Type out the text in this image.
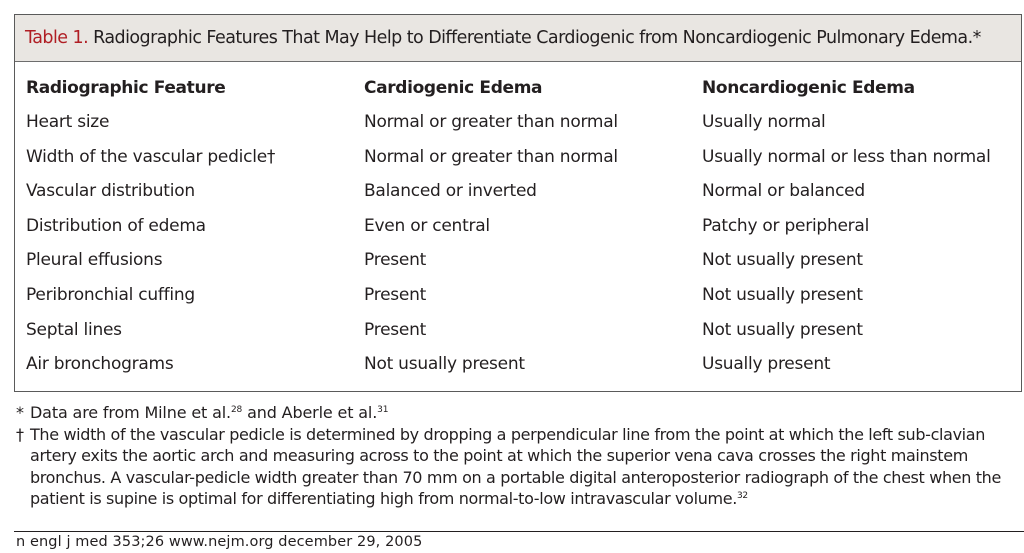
Table 1. Radiographic Features That May Help to Differentiate Cardiogenic from Noncardiogenic Pulmonary Edema.*
Radiographic Feature	Cardiogenic Edema	Noncardiogenic Edema
Heart size	Normal or greater than normal	Usually normal
Width of the vascular pedicle†	Normal or greater than normal	Usually normal or less than normal
Vascular distribution	Balanced or inverted	Normal or balanced
Distribution of edema	Even or central	Patchy or peripheral
Pleural effusions	Present	Not usually present
Peribronchial cuffing	Present	Not usually present
Septal lines	Present	Not usually present
Air bronchograms	Not usually present	Usually present
* Data are from Milne et al.$^{28}$ and Aberle et al.$^{31}$
† The width of the vascular pedicle is determined by dropping a perpendicular line from the point at which the left sub-clavian artery exits the aortic arch and measuring across to the point at which the superior vena cava crosses the right mainstem bronchus. A vascular-pedicle width greater than 70 mm on a portable digital anteroposterior radiograph of the chest when the patient is supine is optimal for differentiating high from normal-to-low intravascular volume.$^{32}$
n engl j med 353;26 www.nejm.org december 29, 2005
